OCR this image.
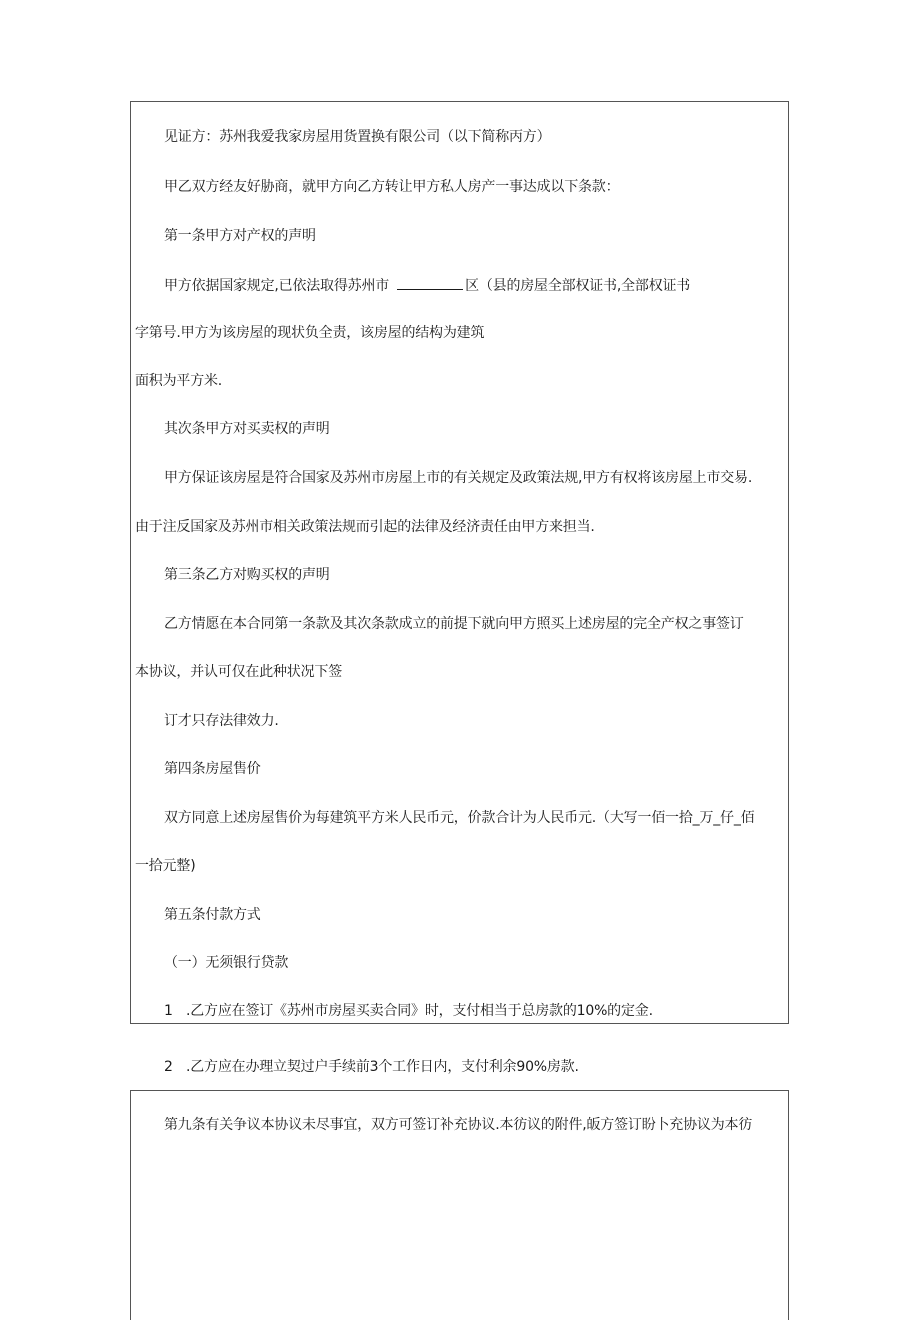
见证方：苏州我爱我家房屋用货置换有限公司（以下简称丙方）
甲乙双方经友好胁商，就甲方向乙方转让甲方私人房产一事达成以下条款：
第一条甲方对产权的声明
甲方依据国家规定,已依法取得苏州市	区（县的房屋全部权证书,全部权证书
字第号.甲方为该房屋的现状负全责，该房屋的结构为建筑
面积为平方米.
其次条甲方对买卖权的声明
甲方保证该房屋是符合国家及苏州市房屋上市的有关规定及政策法规,甲方有权将该房屋上市交易.
由于注反国家及苏州市相关政策法规而引起的法律及经济责任由甲方来担当.
第三条乙方对购买权的声明
乙方情愿在本合同第一条款及其次条款成立的前提下就向甲方照买上述房屋的完全产权之事签订
本协议，并认可仅在此种状况下签
订才只存法律效力.
第四条房屋售价
双方同意上述房屋售价为每建筑平方米人民币元，价款合计为人民币元.（大写一佰一拾_万_仔_佰
一拾元整)
第五条付款方式
（一）无须银行贷款
1 .乙方应在签订《苏州市房屋买卖合同》时，支付相当于总房款的10%的定金.
2 .乙方应在办理立契过户手续前3个工作日内，支付利余90%房款.
第九条有关争议本协议未尽事宜，双方可签订补充协议.本彷议的附件,皈方签订盼卜充协议为本彷
